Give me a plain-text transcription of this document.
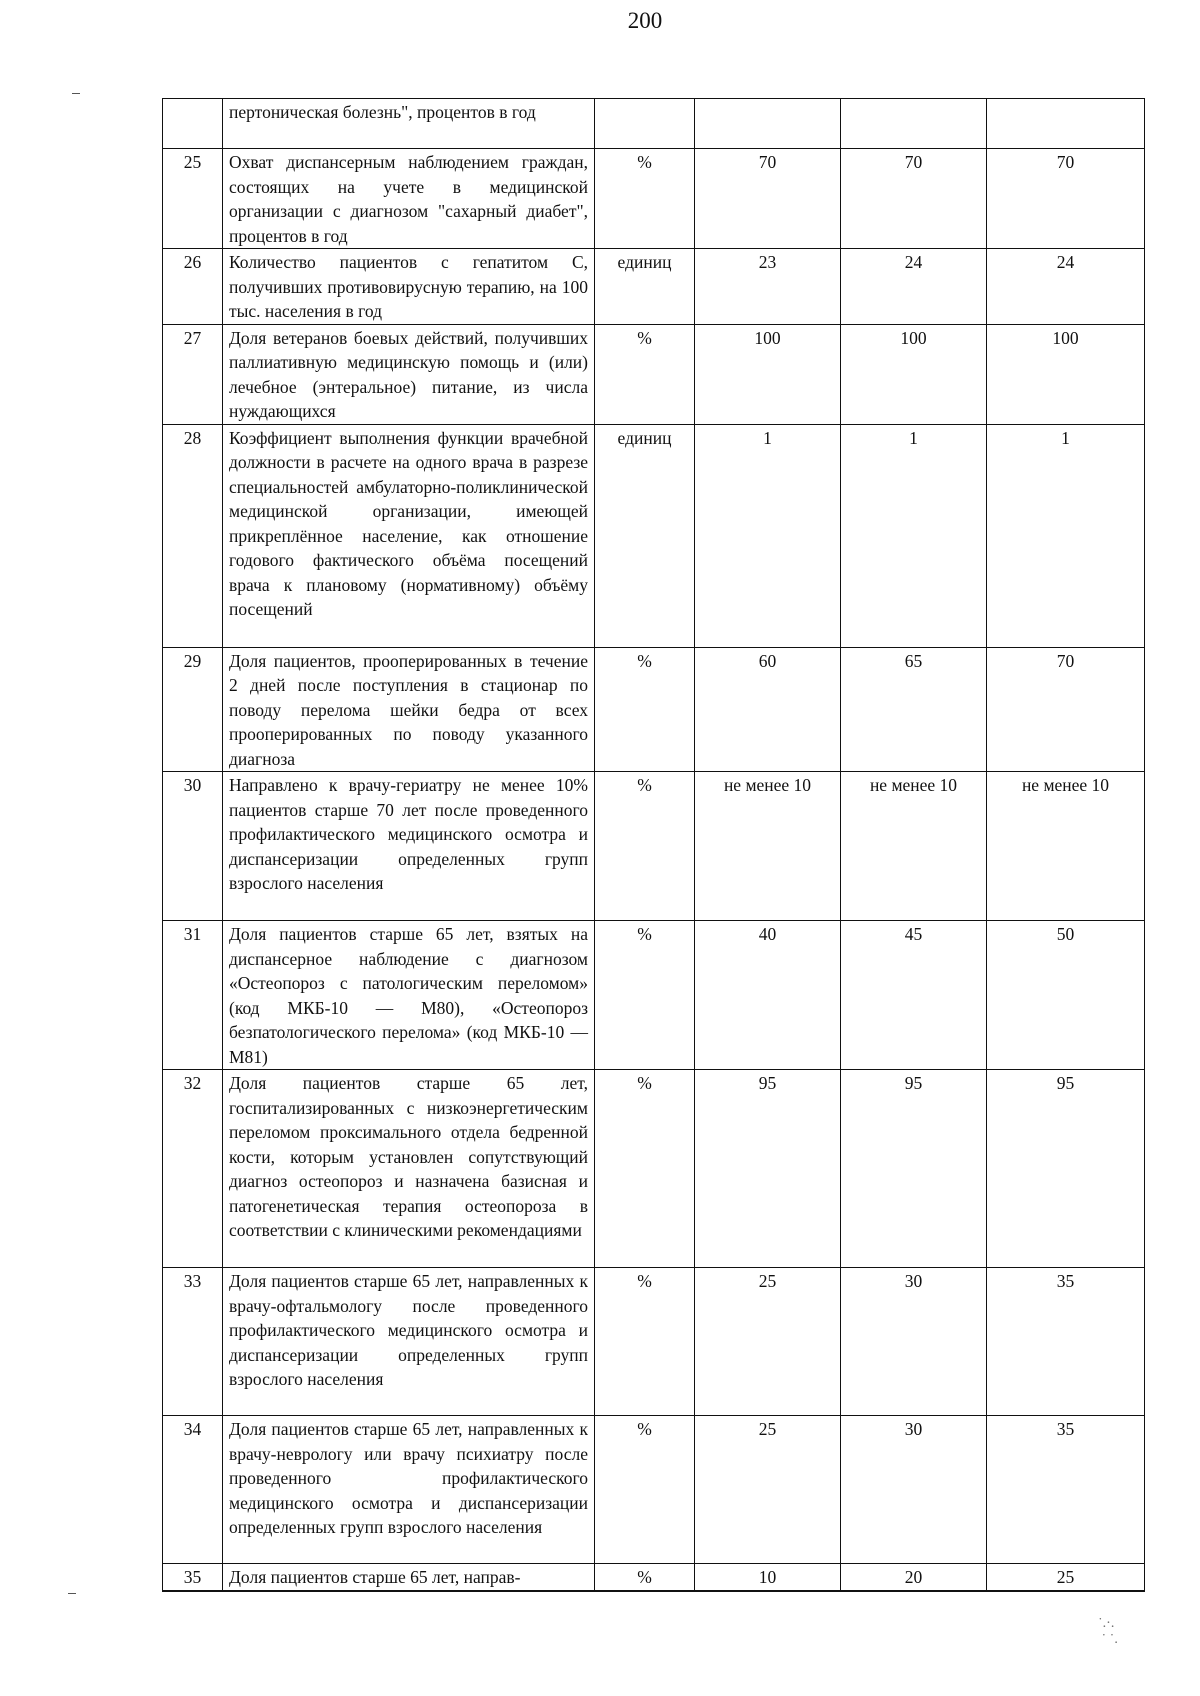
200
	пертоническая болезнь", процентов в год				
25	Охват диспансерным наблюдением граждан, состоящих на учете в медицинской организации с диагнозом "сахарный диабет", процентов в год	%	70	70	70
26	Количество пациентов с гепатитом С, получивших противовирусную терапию, на 100 тыс. населения в год	единиц	23	24	24
27	Доля ветеранов боевых действий, получивших паллиативную медицинскую помощь и (или) лечебное (энтеральное) питание, из числа нуждающихся	%	100	100	100
28	Коэффициент выполнения функции врачебной должности в расчете на одного врача в разрезе специальностей амбулаторно-поликлинической медицинской организации, имеющей прикреплённое население, как отношение годового фактического объёма посещений врача к плановому (нормативному) объёму посещений	единиц	1	1	1
29	Доля пациентов, прооперированных в течение 2 дней после поступления в стационар по поводу перелома шейки бедра от всех прооперированных по поводу указанного диагноза	%	60	65	70
30	Направлено к врачу-гериатру не менее 10% пациентов старше 70 лет после проведенного профилактического медицинского осмотра и диспансеризации определенных групп взрослого населения	%	не менее 10	не менее 10	не менее 10
31	Доля пациентов старше 65 лет, взятых на диспансерное наблюдение с диагнозом «Остеопороз с патологическим переломом» (код МКБ-10 — M80), «Остеопороз безпатологического перелома» (код МКБ-10 — M81)	%	40	45	50
32	Доля пациентов старше 65 лет, госпитализированных с низкоэнергетическим переломом проксимального отдела бедренной кости, которым установлен сопутствующий диагноз остеопороз и назначена базисная и патогенетическая терапия остеопороза в соответствии с клиническими рекомендациями	%	95	95	95
33	Доля пациентов старше 65 лет, направленных к врачу-офтальмологу после проведенного профилактического медицинского осмотра и диспансеризации определенных групп взрослого населения	%	25	30	35
34	Доля пациентов старше 65 лет, направленных к врачу-неврологу или врачу психиатру после проведенного профилактического медицинского осмотра и диспансеризации определенных групп взрослого населения	%	25	30	35
35	Доля пациентов старше 65 лет, направ-	%	10	20	25
˙.·.
˙ ˙.
